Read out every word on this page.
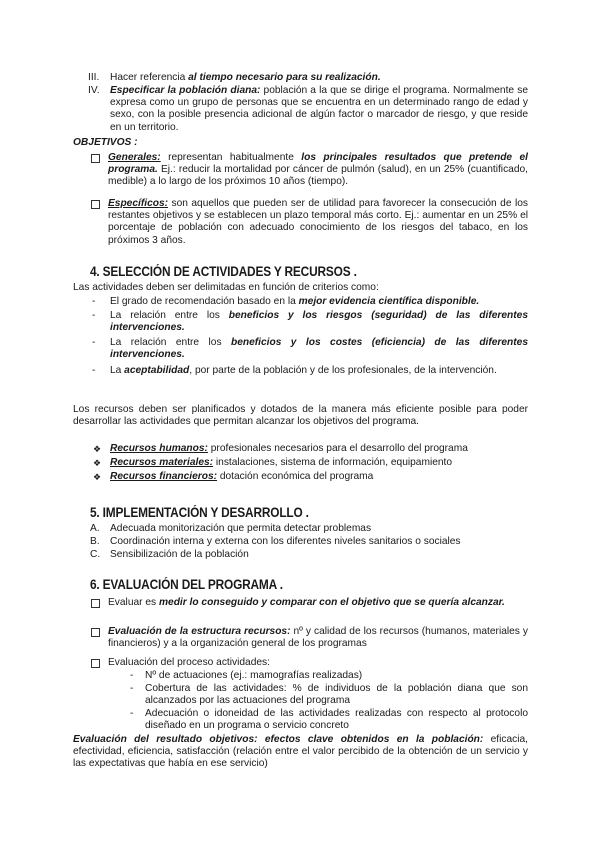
III. Hacer referencia al tiempo necesario para su realización.
IV. Especificar la población diana: población a la que se dirige el programa. Normalmente se expresa como un grupo de personas que se encuentra en un determinado rango de edad y sexo, con la posible presencia adicional de algún factor o marcador de riesgo, y que reside en un territorio.
OBJETIVOS :
Generales: representan habitualmente los principales resultados que pretende el programa. Ej.: reducir la mortalidad por cáncer de pulmón (salud), en un 25% (cuantificado, medible) a lo largo de los próximos 10 años (tiempo).
Específicos: son aquellos que pueden ser de utilidad para favorecer la consecución de los restantes objetivos y se establecen un plazo temporal más corto. Ej.: aumentar en un 25% el porcentaje de población con adecuado conocimiento de los riesgos del tabaco, en los próximos 3 años.
4. SELECCIÓN DE ACTIVIDADES Y RECURSOS .
Las actividades deben ser delimitadas en función de criterios como:
- El grado de recomendación basado en la mejor evidencia científica disponible.
- La relación entre los beneficios y los riesgos (seguridad) de las diferentes intervenciones.
- La relación entre los beneficios y los costes (eficiencia) de las diferentes intervenciones.
- La aceptabilidad, por parte de la población y de los profesionales, de la intervención.
Los recursos deben ser planificados y dotados de la manera más eficiente posible para poder desarrollar las actividades que permitan alcanzar los objetivos del programa.
❖ Recursos humanos: profesionales necesarios para el desarrollo del programa
❖ Recursos materiales: instalaciones, sistema de información, equipamiento
❖ Recursos financieros: dotación económica del programa
5. IMPLEMENTACIÓN Y DESARROLLO .
A. Adecuada monitorización que permita detectar problemas
B. Coordinación interna y externa con los diferentes niveles sanitarios o sociales
C. Sensibilización de la población
6. EVALUACIÓN DEL PROGRAMA .
Evaluar es medir lo conseguido y comparar con el objetivo que se quería alcanzar.
Evaluación de la estructura recursos: nº y calidad de los recursos (humanos, materiales y financieros) y a la organización general de los programas
Evaluación del proceso actividades:
- Nº de actuaciones (ej.: mamografías realizadas)
- Cobertura de las actividades: % de individuos de la población diana que son alcanzados por las actuaciones del programa
- Adecuación o idoneidad de las actividades realizadas con respecto al protocolo diseñado en un programa o servicio concreto
Evaluación del resultado objetivos: efectos clave obtenidos en la población: eficacia, efectividad, eficiencia, satisfacción (relación entre el valor percibido de la obtención de un servicio y las expectativas que había en ese servicio)
